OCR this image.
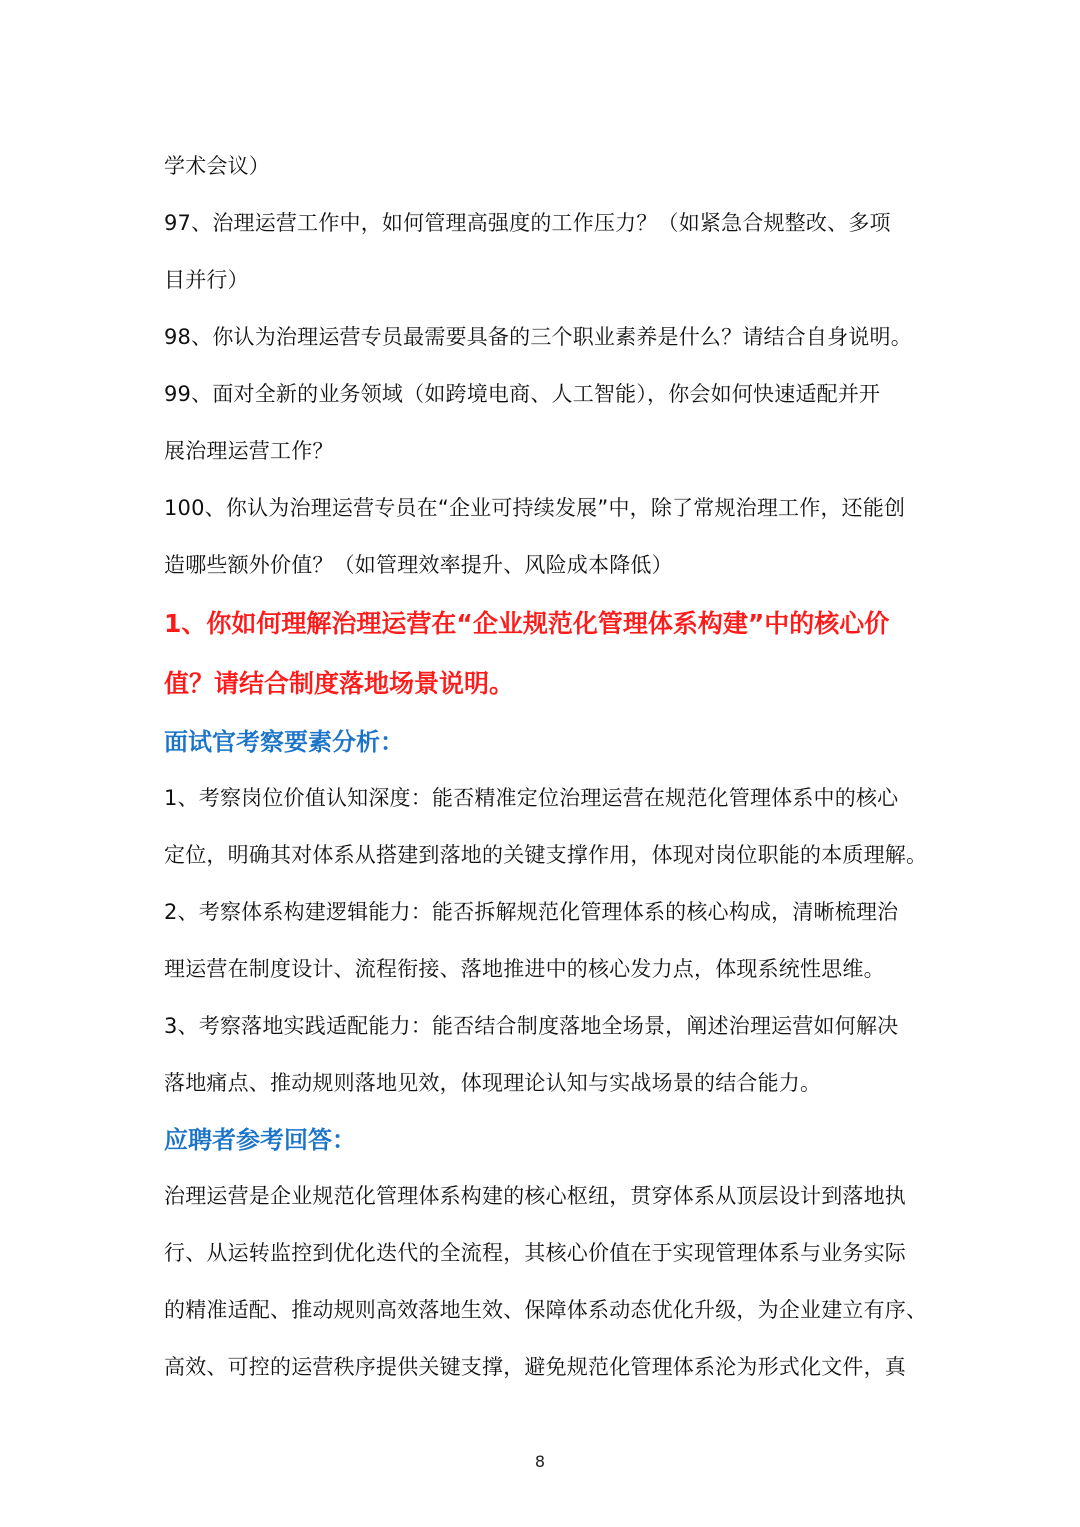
学术会议）
97、治理运营工作中，如何管理高强度的工作压力？（如紧急合规整改、多项
目并行）
98、你认为治理运营专员最需要具备的三个职业素养是什么？请结合自身说明。
99、面对全新的业务领域（如跨境电商、人工智能），你会如何快速适配并开
展治理运营工作？
100、你认为治理运营专员在“企业可持续发展”中，除了常规治理工作，还能创
造哪些额外价值？（如管理效率提升、风险成本降低）
1、你如何理解治理运营在“企业规范化管理体系构建”中的核心价
值？请结合制度落地场景说明。
面试官考察要素分析：
1、考察岗位价值认知深度：能否精准定位治理运营在规范化管理体系中的核心
定位，明确其对体系从搭建到落地的关键支撑作用，体现对岗位职能的本质理解。
2、考察体系构建逻辑能力：能否拆解规范化管理体系的核心构成，清晰梳理治
理运营在制度设计、流程衔接、落地推进中的核心发力点，体现系统性思维。
3、考察落地实践适配能力：能否结合制度落地全场景，阐述治理运营如何解决
落地痛点、推动规则落地见效，体现理论认知与实战场景的结合能力。
应聘者参考回答：
治理运营是企业规范化管理体系构建的核心枢纽，贯穿体系从顶层设计到落地执
行、从运转监控到优化迭代的全流程，其核心价值在于实现管理体系与业务实际
的精准适配、推动规则高效落地生效、保障体系动态优化升级，为企业建立有序、
高效、可控的运营秩序提供关键支撑，避免规范化管理体系沦为形式化文件，真
8
